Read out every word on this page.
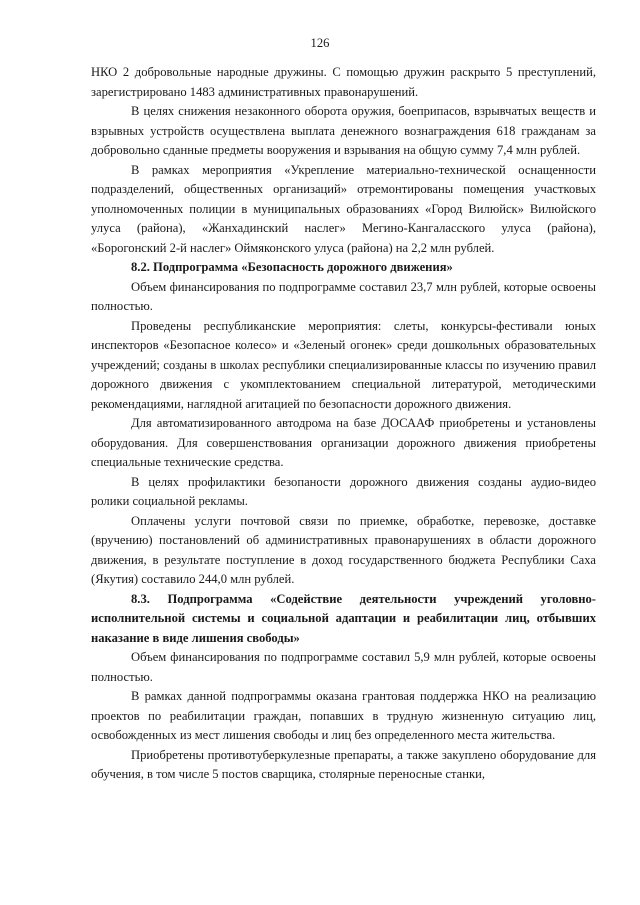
126

НКО 2 добровольные народные дружины. С помощью дружин раскрыто 5 преступлений, зарегистрировано 1483 административных правонарушений.

В целях снижения незаконного оборота оружия, боеприпасов, взрывчатых веществ и взрывных устройств осуществлена выплата денежного вознаграждения 618 гражданам за добровольно сданные предметы вооружения и взрывания на общую сумму 7,4 млн рублей.

В рамках мероприятия «Укрепление материально-технической оснащенности подразделений, общественных организаций» отремонтированы помещения участковых уполномоченных полиции в муниципальных образованиях «Город Вилюйск» Вилюйского улуса (района), «Жанхадинский наслег» Мегино-Кангаласского улуса (района), «Борогонский 2-й наслег» Оймяконского улуса (района) на 2,2 млн рублей.

8.2. Подпрограмма «Безопасность дорожного движения»

Объем финансирования по подпрограмме составил 23,7 млн рублей, которые освоены полностью.

Проведены республиканские мероприятия: слеты, конкурсы-фестивали юных инспекторов «Безопасное колесо» и «Зеленый огонек» среди дошкольных образовательных учреждений; созданы в школах республики специализированные классы по изучению правил дорожного движения с укомплектованием специальной литературой, методическими рекомендациями, наглядной агитацией по безопасности дорожного движения.

Для автоматизированного автодрома на базе ДОСААФ приобретены и установлены оборудования. Для совершенствования организации дорожного движения приобретены специальные технические средства.

В целях профилактики безопаности дорожного движения созданы аудио-видео ролики социальной рекламы.

Оплачены услуги почтовой связи по приемке, обработке, перевозке, доставке (вручению) постановлений об административных правонарушениях в области дорожного движения, в результате поступление в доход государственного бюджета Республики Саха (Якутия) составило 244,0 млн рублей.

8.3. Подпрограмма «Содействие деятельности учреждений уголовно-исполнительной системы и социальной адаптации и реабилитации лиц, отбывших наказание в виде лишения свободы»

Объем финансирования по подпрограмме составил 5,9 млн рублей, которые освоены полностью.

В рамках данной подпрограммы оказана грантовая поддержка НКО на реализацию проектов по реабилитации граждан, попавших в трудную жизненную ситуацию лиц, освобожденных из мест лишения свободы и лиц без определенного места жительства.

Приобретены противотуберкулезные препараты, а также закуплено оборудование для обучения, в том числе 5 постов сварщика, столярные переносные станки,
